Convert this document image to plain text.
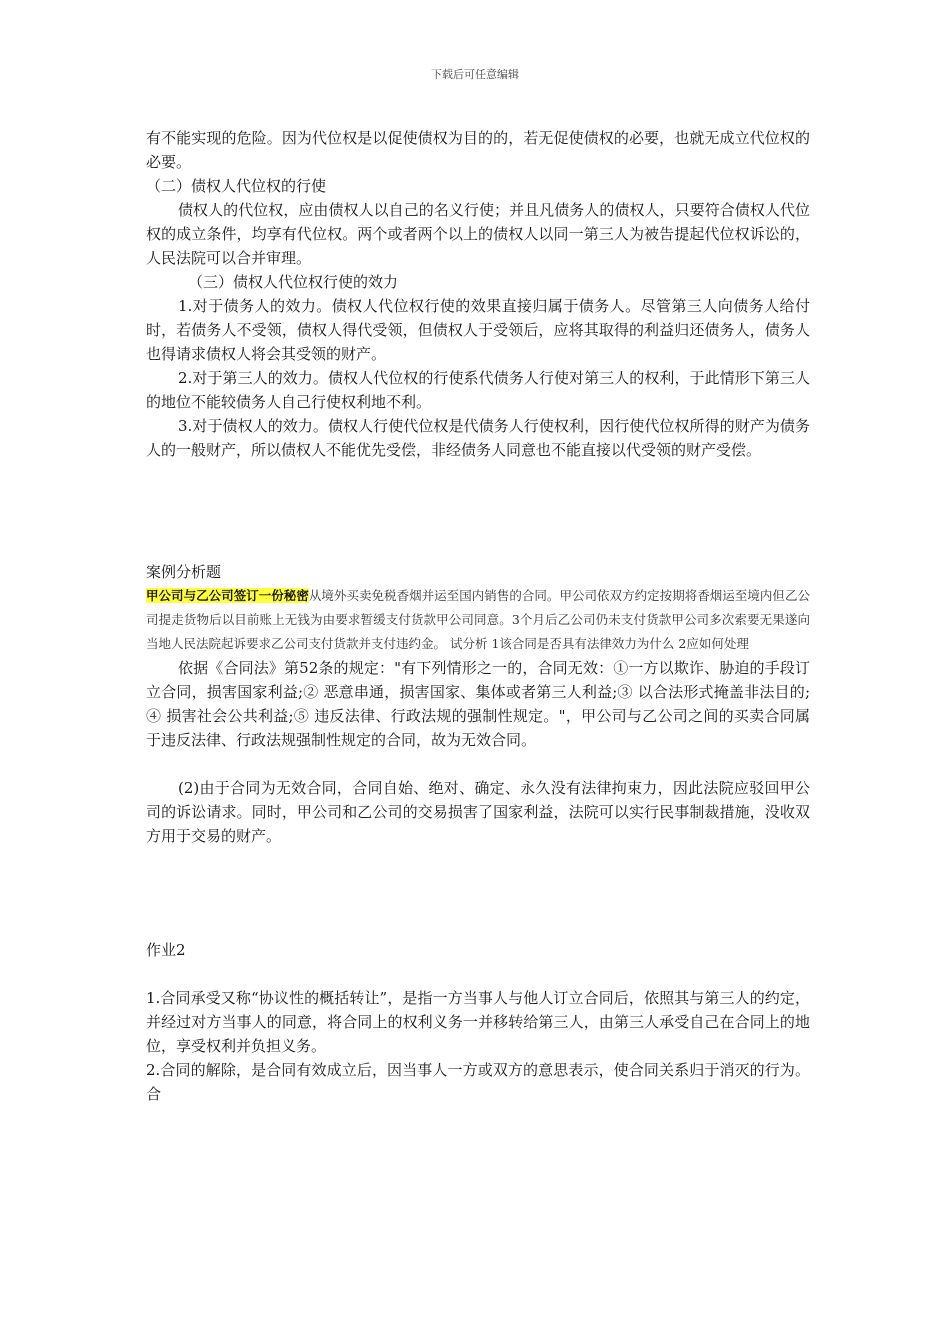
下载后可任意编辑

有不能实现的危险。因为代位权是以促使债权为目的的，若无促使债权的必要，也就无成立代位权的必要。

（二）债权人代位权的行使

债权人的代位权，应由债权人以自己的名义行使；并且凡债务人的债权人，只要符合债权人代位权的成立条件，均享有代位权。两个或者两个以上的债权人以同一第三人为被告提起代位权诉讼的，人民法院可以合并审理。

（三）债权人代位权行使的效力

1.对于债务人的效力。债权人代位权行使的效果直接归属于债务人。尽管第三人向债务人给付时，若债务人不受领，债权人得代受领，但债权人于受领后，应将其取得的利益归还债务人，债务人也得请求债权人将会其受领的财产。

2.对于第三人的效力。债权人代位权的行使系代债务人行使对第三人的权利，于此情形下第三人的地位不能较债务人自己行使权利地不利。

3.对于债权人的效力。债权人行使代位权是代债务人行使权利，因行使代位权所得的财产为债务人的一般财产，所以债权人不能优先受偿，非经债务人同意也不能直接以代受领的财产受偿。

案例分析题

甲公司与乙公司签订一份秘密从境外买卖免税香烟并运至国内销售的合同。甲公司依双方约定按期将香烟运至境内但乙公司提走货物后以目前账上无钱为由要求暂缓支付货款甲公司同意。3个月后乙公司仍未支付货款甲公司多次索要无果遂向当地人民法院起诉要求乙公司支付货款并支付违约金。 试分析 1该合同是否具有法律效力为什么 2应如何处理

依据《合同法》第52条的规定："有下列情形之一的，合同无效：①一方以欺诈、胁迫的手段订立合同，损害国家利益;② 恶意串通，损害国家、集体或者第三人利益;③ 以合法形式掩盖非法目的;④ 损害社会公共利益;⑤ 违反法律、行政法规的强制性规定。"，甲公司与乙公司之间的买卖合同属于违反法律、行政法规强制性规定的合同，故为无效合同。

(2)由于合同为无效合同，合同自始、绝对、确定、永久没有法律拘束力，因此法院应驳回甲公司的诉讼请求。同时，甲公司和乙公司的交易损害了国家利益，法院可以实行民事制裁措施，没收双方用于交易的财产。

作业2

1.合同承受又称“协议性的概括转让”，是指一方当事人与他人订立合同后，依照其与第三人的约定，并经过对方当事人的同意，将合同上的权利义务一并移转给第三人，由第三人承受自己在合同上的地位，享受权利并负担义务。

2.合同的解除，是合同有效成立后，因当事人一方或双方的意思表示，使合同关系归于消灭的行为。合
